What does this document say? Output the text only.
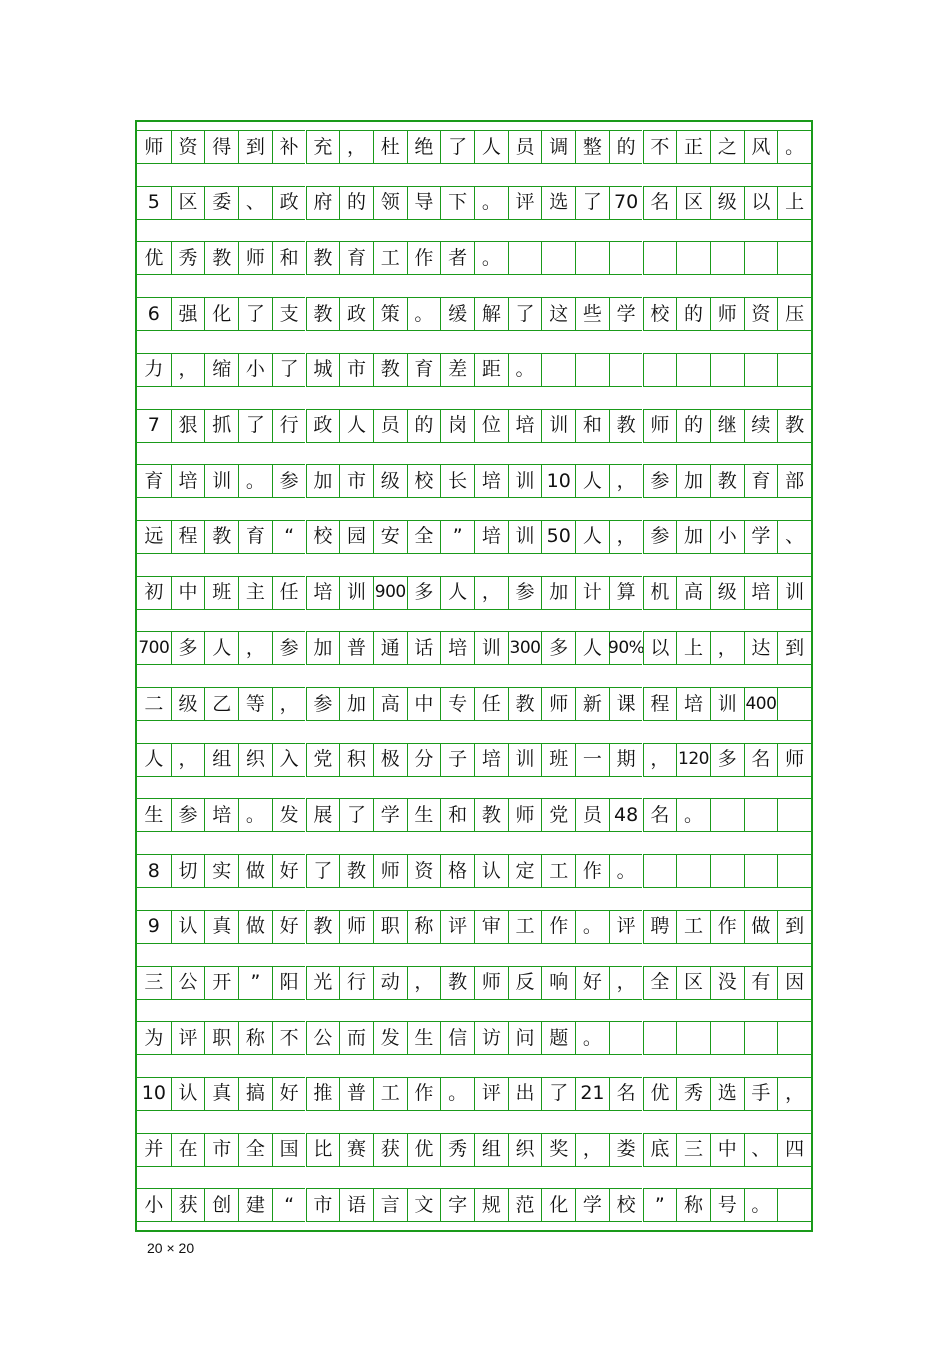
师 资 得 到 补 充 ， 杜 绝 了 人 员 调 整 的 不 正 之 风 。
5 区 委 、 政 府 的 领 导 下 。 评 选 了 70 名 区 级 以 上
优 秀 教 师 和 教 育 工 作 者 。
6 强 化 了 支 教 政 策 。 缓 解 了 这 些 学 校 的 师 资 压
力 ， 缩 小 了 城 市 教 育 差 距 。
7 狠 抓 了 行 政 人 员 的 岗 位 培 训 和 教 师 的 继 续 教
育 培 训 。 参 加 市 级 校 长 培 训 10 人 ， 参 加 教 育 部
远 程 教 育	“	校 园 安 全	”	培 训 50 人 ， 参 加 小 学 、
初 中 班 主 任 培 训 900 多 人 ， 参 加 计 算 机 高 级 培 训
700 多 人 ， 参 加 普 通 话 培 训 300 多 人 90% 以 上 ， 达 到
二 级 乙 等 ， 参 加 高 中 专 任 教 师 新 课 程 培 训 400
人 ， 组 织 入 党 积 极 分 子 培 训 班 一 期 ， 120 多 名 师
生 参 培 。 发 展 了 学 生 和 教 师 党 员 48 名 。
8 切 实 做 好 了 教 师 资 格 认 定 工 作 。
9 认 真 做 好 教 师 职 称 评 审 工 作 。 评 聘 工 作 做 到
三 公 开	”	阳 光 行 动 ， 教 师 反 响 好 ， 全 区 没 有 因
为 评 职 称 不 公 而 发 生 信 访 问 题 。
10 认 真 搞 好 推 普 工 作 。 评 出 了 21 名 优 秀 选 手 ，
并 在 市 全 国 比 赛 获 优 秀 组 织 奖 ， 娄 底 三 中 、 四
小 获 创 建	“	市 语 言 文 字 规 范 化 学 校	”	称 号 。
20 × 20
